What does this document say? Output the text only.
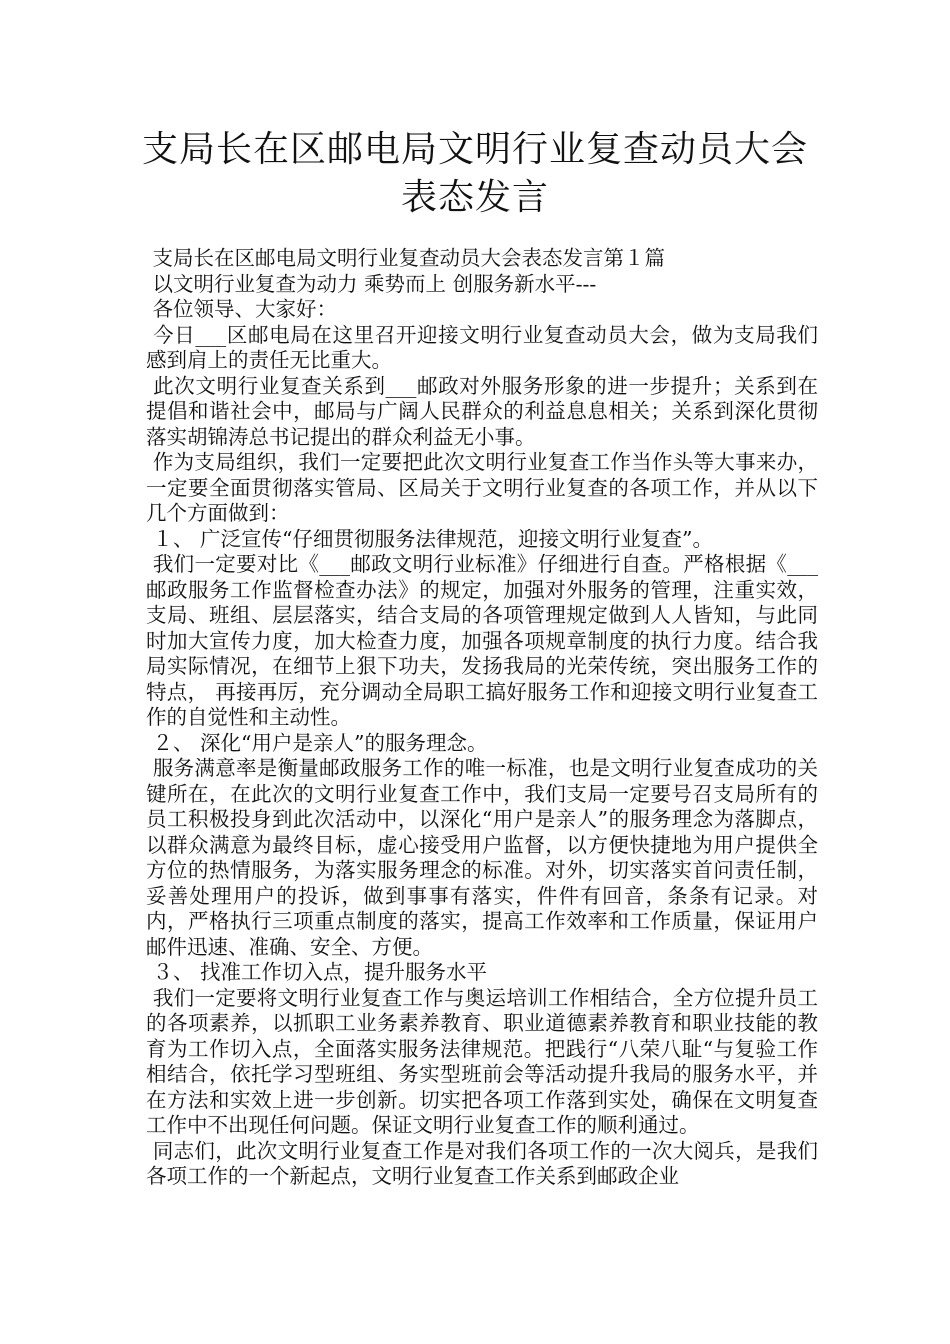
支局长在区邮电局文明行业复查动员大会
表态发言

支局长在区邮电局文明行业复查动员大会表态发言第１篇

以文明行业复查为动力 乘势而上 创服务新水平---

各位领导、大家好：

今日___区邮电局在这里召开迎接文明行业复查动员大会，做为支局我们感到肩上的责任无比重大。

此次文明行业复查关系到___邮政对外服务形象的进一步提升；关系到在提倡和谐社会中，邮局与广阔人民群众的利益息息相关；关系到深化贯彻落实胡锦涛总书记提出的群众利益无小事。

作为支局组织，我们一定要把此次文明行业复查工作当作头等大事来办，一定要全面贯彻落实管局、区局关于文明行业复查的各项工作，并从以下几个方面做到：

１、 广泛宣传“仔细贯彻服务法律规范，迎接文明行业复查”。

我们一定要对比《___邮政文明行业标准》仔细进行自查。严格根据《___邮政服务工作监督检查办法》的规定，加强对外服务的管理，注重实效，支局、班组、层层落实，结合支局的各项管理规定做到人人皆知，与此同时加大宣传力度，加大检查力度，加强各项规章制度的执行力度。结合我局实际情况，在细节上狠下功夫，发扬我局的光荣传统，突出服务工作的特点， 再接再厉，充分调动全局职工搞好服务工作和迎接文明行业复查工作的自觉性和主动性。

２、 深化“用户是亲人”的服务理念。

服务满意率是衡量邮政服务工作的唯一标准，也是文明行业复查成功的关键所在，在此次的文明行业复查工作中，我们支局一定要号召支局所有的员工积极投身到此次活动中，以深化“用户是亲人”的服务理念为落脚点，以群众满意为最终目标，虚心接受用户监督，以方便快捷地为用户提供全方位的热情服务，为落实服务理念的标准。对外，切实落实首问责任制，妥善处理用户的投诉，做到事事有落实，件件有回音，条条有记录。对内，严格执行三项重点制度的落实，提高工作效率和工作质量，保证用户邮件迅速、准确、安全、方便。

３、 找准工作切入点，提升服务水平

我们一定要将文明行业复查工作与奥运培训工作相结合，全方位提升员工的各项素养，以抓职工业务素养教育、职业道德素养教育和职业技能的教育为工作切入点，全面落实服务法律规范。把践行“八荣八耻“与复验工作相结合，依托学习型班组、务实型班前会等活动提升我局的服务水平，并在方法和实效上进一步创新。切实把各项工作落到实处，确保在文明复查工作中不出现任何问题。保证文明行业复查工作的顺利通过。

同志们，此次文明行业复查工作是对我们各项工作的一次大阅兵，是我们各项工作的一个新起点，文明行业复查工作关系到邮政企业
